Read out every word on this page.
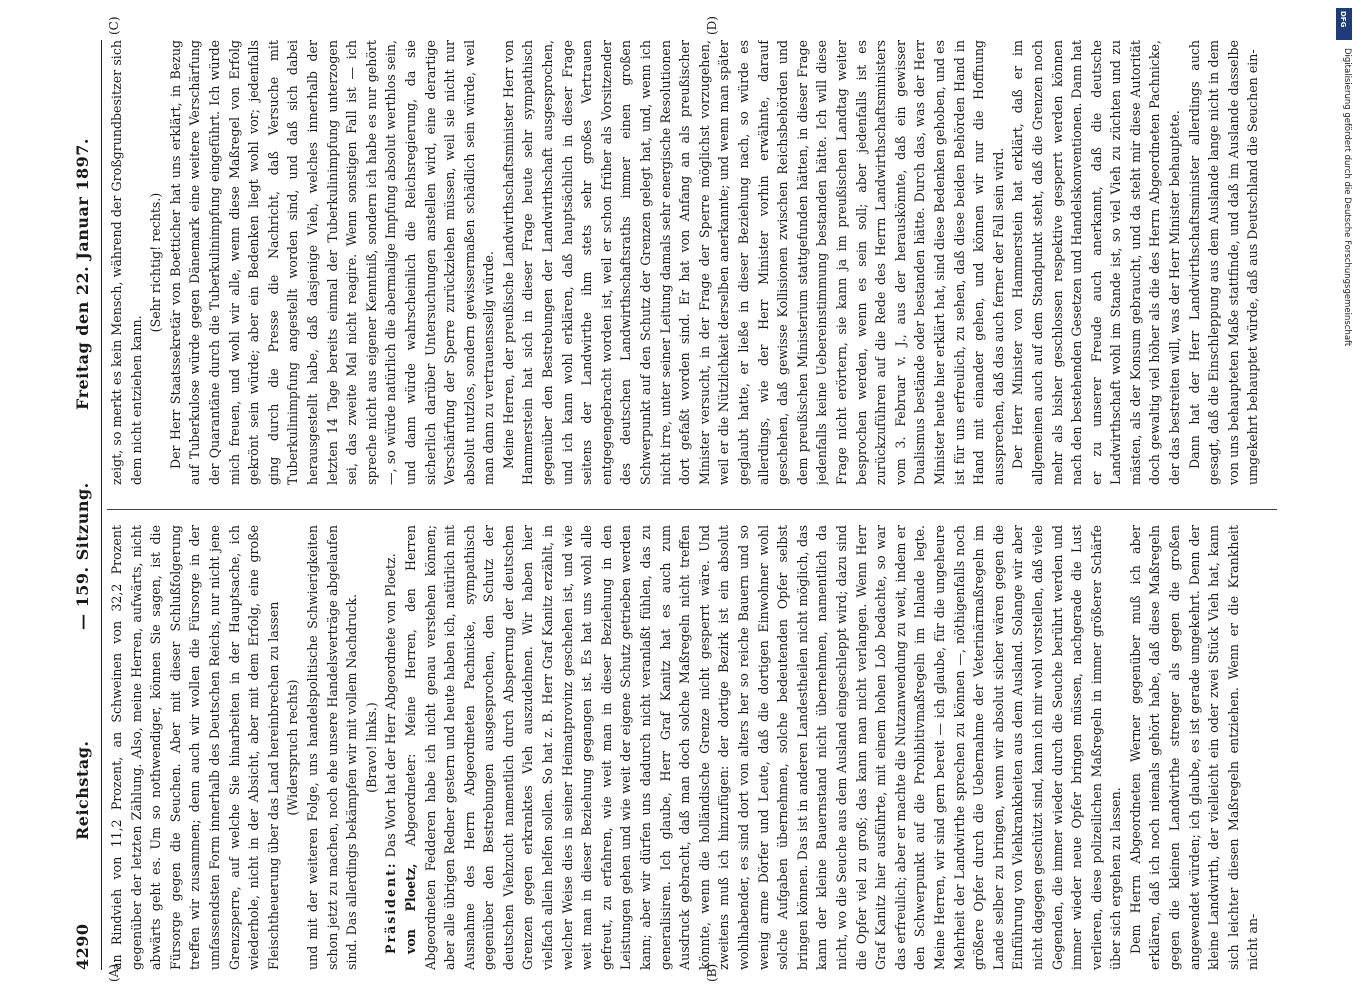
4290
Reichstag.
— 159. Sitzung.
Freitag den 22. Januar 1897.
(A)	(B)
(C)	(D)

an Rindvieh von 11,2 Prozent, an Schweinen von 32,2 Prozent gegenüber der letzten Zählung. Also, meine Herren, aufwärts, nicht abwärts geht es. Um so nothwendiger, können Sie sagen, ist die Fürsorge gegen die Seuchen. Aber mit dieser Schlußfolgerung treffen wir zusammen; denn auch wir wollen die Fürsorge in der umfassendsten Form innerhalb des Deutschen Reichs, nur nicht jene Grenzsperre, auf welche Sie hinarbeiten in der Hauptsache, ich wiederhole, nicht in der Absicht, aber mit dem Erfolg, eine große Fleischtheuerung über das Land hereinbrechen zu lassen (Widerspruch rechts) und mit der weiteren Folge, uns handelspolitische Schwierigkeiten schon jetzt zu machen, noch ehe unsere Handelsverträge abgelaufen sind. Das allerdings bekämpfen wir mit vollem Nachdruck. (Bravo! links.)

Präsident: Das Wort hat der Herr Abgeordnete von Ploetz.

von Ploetz, Abgeordneter: Meine Herren, den Herren Abgeordneten Fedderen habe ich nicht genau verstehen können; aber alle übrigen Redner gestern und heute haben ich, natürlich mit Ausnahme des Herrn Abgeordneten Pachnicke, sympathisch gegenüber den Bestrebungen ausgesprochen, den Schutz der deutschen Viehzucht namentlich durch Absperrung der deutschen Grenzen gegen erkranktes Vieh auszudehnen. Wir haben hier vielfach allein helfen sollen. So hat z. B. Herr Graf Kanitz erzählt, in welcher Weise dies in seiner Heimatprovinz geschehen ist, und wie weit man in dieser Beziehung gegangen ist. Es hat uns wohl alle gefreut, zu erfahren, wie weit man in dieser Beziehung in den Leistungen gehen und wie weit der eigene Schutz getrieben werden kann; aber wir dürfen uns dadurch nicht veranlaßt fühlen, das zu generalisiren. Ich glaube, Herr Graf Kanitz hat es auch zum Ausdruck gebracht, daß man doch solche Maßregeln nicht treffen könnte, wenn die holländische Grenze nicht gesperrt wäre. Und zweitens muß ich hinzufügen: der dortige Bezirk ist ein absolut wohlhabender, es sind dort von alters her so reiche Bauern und so wenig arme Dörfer und Leute, daß die dortigen Einwohner wohl solche Aufgaben übernehmen, solche bedeutenden Opfer selbst bringen können. Das ist in anderen Landestheilen nicht möglich, das kann der kleine Bauernstand nicht übernehmen, namentlich da nicht, wo die Seuche aus dem Ausland eingeschleppt wird; dazu sind die Opfer viel zu groß; das kann man nicht verlangen. Wenn Herr Graf Kanitz hier ausführte, mit einem hohen Lob bedachte, so war das erfreulich; aber er machte die Nutzanwendung zu weit, indem er den Schwerpunkt auf die Prohibitivmaßregeln im Inlande legte. Meine Herren, wir sind gern bereit — ich glaube, für die ungeheure Mehrheit der Landwirthe sprechen zu können —, nöthigenfalls noch größere Opfer durch die Uebernahme der Veterinärmaßregeln im Lande selber zu bringen, wenn wir absolut sicher wären gegen die Einführung von Viehkrankheiten aus dem Ausland. Solange wir aber nicht dagegen geschützt sind, kann ich mir wohl vorstellen, daß viele Gegenden, die immer wieder durch die Seuche berührt werden und immer wieder neue Opfer bringen müssen, nachgerade die Lust verlieren, diese polizeilichen Maßregeln in immer größerer Schärfe über sich ergehen zu lassen. Dem Herrn Abgeordneten Werner gegenüber muß ich aber erklären, daß ich noch niemals gehört habe, daß diese Maßregeln gegen die kleinen Landwirthe strenger als gegen die großen angewendet würden; ich glaube, es ist gerade umgekehrt. Denn der kleine Landwirth, der vielleicht ein oder zwei Stück Vieh hat, kann sich leichter diesen Maßregeln entziehen. Wenn er die Krankheit nicht an-

zeigt, so merkt es kein Mensch, während der Großgrundbesitzer sich dem nicht entziehen kann.

(Sehr richtig! rechts.) Der Herr Staatssekretär von Boetticher hat uns erklärt, in Bezug auf Tuberkulose würde gegen Dänemark eine weitere Verschärfung der Quarantäne durch die Tuberkulinimpfung eingeführt. Ich würde mich freuen, und wohl wir alle, wenn diese Maßregel von Erfolg gekrönt sein würde; aber ein Bedenken liegt wohl vor; jedenfalls ging durch die Presse die Nachricht, daß Versuche mit Tuberkulinimpfung angestellt worden sind, und daß sich dabei herausgestellt habe, daß dasjenige Vieh, welches innerhalb der letzten 14 Tage bereits einmal der Tuberkulinimpfung unterzogen sei, das zweite Mal nicht reagire. Wenn sonstigen Fall ist — ich spreche nicht aus eigener Kenntniß, sondern ich habe es nur gehört —, so würde natürlich die abermalige Impfung absolut werthlos sein, und dann würde wahrscheinlich die Reichsregierung, da sie sicherlich darüber Untersuchungen anstellen wird, eine derartige Verschärfung der Sperre zurückziehen müssen, weil sie nicht nur absolut nutzlos, sondern gewissermaßen schädlich sein würde, weil man dann zu vertrauensselig würde. Meine Herren, der preußische Landwirthschaftsminister Herr von Hammerstein hat sich in dieser Frage heute sehr sympathisch gegenüber den Bestrebungen der Landwirthschaft ausgesprochen, und ich kann wohl erklären, daß hauptsächlich in dieser Frage seitens der Landwirthe ihm stets sehr großes Vertrauen entgegengebracht worden ist, weil er schon früher als Vorsitzender des deutschen Landwirthschaftsraths immer einen großen Schwerpunkt auf den Schutz der Grenzen gelegt hat, und, wenn ich nicht irre, unter seiner Leitung damals sehr energische Resolutionen dort gefaßt worden sind. Er hat von Anfang an als preußischer Minister versucht, in der Frage der Sperre möglichst vorzugehen, weil er die Nützlichkeit derselben anerkannte; und wenn man später geglaubt hatte, er ließe in dieser Beziehung nach, so würde es allerdings, wie der Herr Minister vorhin erwähnte, darauf geschehen, daß gewisse Kollisionen zwischen Reichsbehörden und dem preußischen Ministerium stattgefunden hätten, in dieser Frage jedenfalls keine Uebereinstimmung bestanden hätte. Ich will diese Frage nicht erörtern, sie kann ja im preußischen Landtag weiter besprochen werden, wenn es sein soll; aber jedenfalls ist es zurückzuführen auf die Rede des Herrn Landwirthschaftsministers vom 3. Februar v. J., aus der herauskönnte, daß ein gewisser Dualismus bestände oder bestanden hätte. Durch das, was der Herr Minister heute hier erklärt hat, sind diese Bedenken gehoben, und es ist für uns erfreulich, zu sehen, daß diese beiden Behörden Hand in Hand mit einander gehen, und können wir nur die Hoffnung aussprechen, daß das auch ferner der Fall sein wird. Der Herr Minister von Hammerstein hat erklärt, daß er im allgemeinen auch auf dem Standpunkt steht, daß die Grenzen noch mehr als bisher geschlossen respektive gesperrt werden können nach den bestehenden Gesetzen und Handelskonventionen. Dann hat er zu unserer Freude auch anerkannt, daß die deutsche Landwirthschaft wohl im Stande ist, so viel Vieh zu züchten und zu mästen, als der Konsum gebraucht, und da steht mir diese Autorität doch gewaltig viel höher als die des Herrn Abgeordneten Pachnicke, der das bestreiten will, was der Herr Minister behauptete. Dann hat der Herr Landwirthschaftsminister allerdings auch gesagt, daß die Einschleppung aus dem Auslande lange nicht in dem von uns behaupteten Maße stattfinde, und daß im Auslande dasselbe umgekehrt behauptet würde, daß aus Deutschland die Seuchen ein-

DFG
Digitalisierung gefördert durch die Deutsche Forschungsgemeinschaft
